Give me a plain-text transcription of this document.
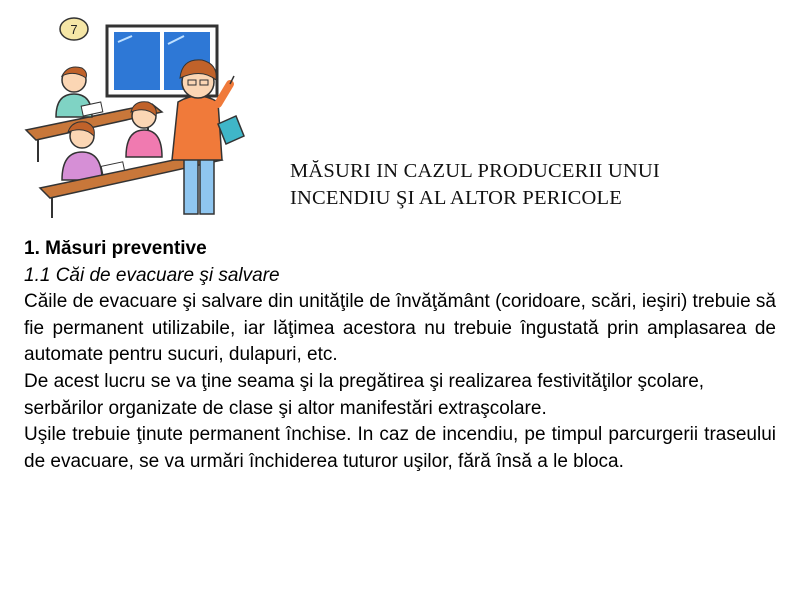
7
MĂSURI IN CAZUL PRODUCERII UNUI
INCENDIU ŞI AL ALTOR PERICOLE

1. Măsuri preventive

1.1 Căi de evacuare şi salvare

Căile de evacuare şi salvare din unităţile de învăţământ (coridoare, scări, ieşiri) trebuie să fie permanent utilizabile, iar lăţimea acestora nu trebuie îngustată prin amplasarea de automate pentru sucuri, dulapuri, etc.

De acest lucru se va ţine seama şi la pregătirea şi realizarea festivităţilor şcolare,

serbărilor organizate de clase şi altor manifestări extraşcolare.

Uşile trebuie ţinute permanent închise. In caz de incendiu, pe timpul parcurgerii traseului de evacuare, se va urmări închiderea tuturor uşilor, fără însă a le bloca.
